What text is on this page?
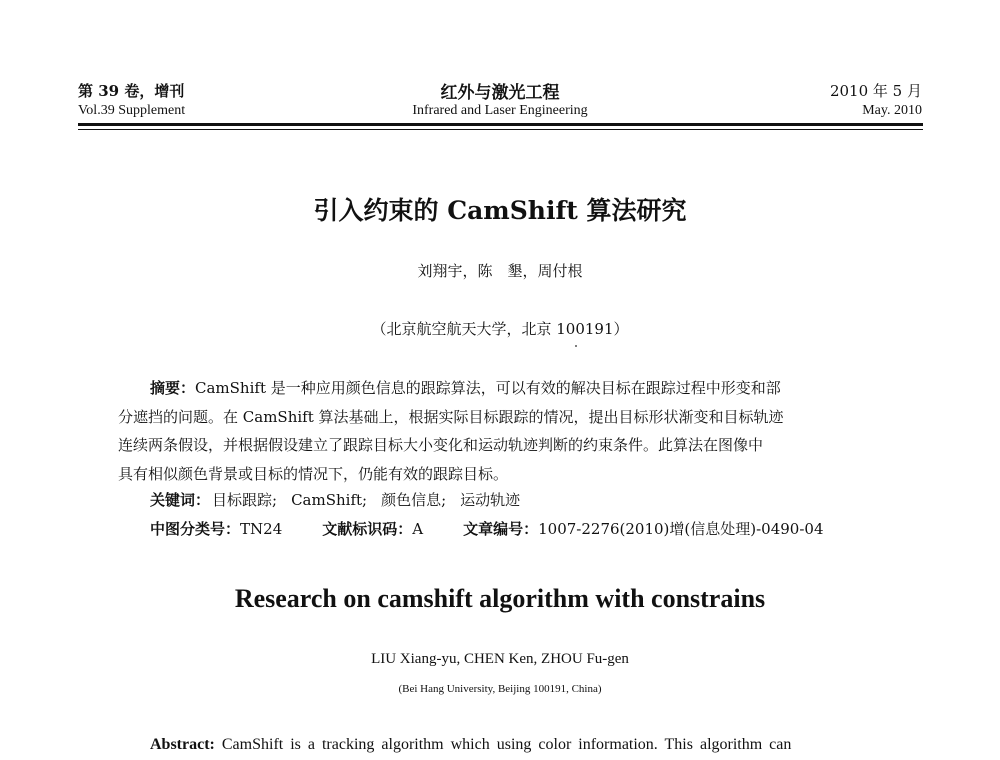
第 39 卷，增刊
Vol.39 Supplement
红外与激光工程
Infrared and Laser Engineering
2010 年 5 月
May. 2010
引入约束的 CamShift 算法研究
刘翔宇，陈　墾，周付根
（北京航空航天大学，北京 100191）
摘要：CamShift 是一种应用颜色信息的跟踪算法，可以有效的解决目标在跟踪过程中形变和部
分遮挡的问题。在 CamShift 算法基础上，根据实际目标跟踪的情况，提出目标形状渐变和目标轨迹
连续两条假设，并根据假设建立了跟踪目标大小变化和运动轨迹判断的约束条件。此算法在图像中
具有相似颜色背景或目标的情况下，仍能有效的跟踪目标。
关键词： 目标跟踪; CamShift; 颜色信息; 运动轨迹
中图分类号：TN24	文献标识码：A	文章编号：1007-2276(2010)增(信息处理)-0490-04
Research on camshift algorithm with constrains
LIU Xiang-yu, CHEN Ken, ZHOU Fu-gen
(Bei Hang University, Beijing 100191, China)
Abstract: CamShift is a tracking algorithm which using color information. This algorithm can
